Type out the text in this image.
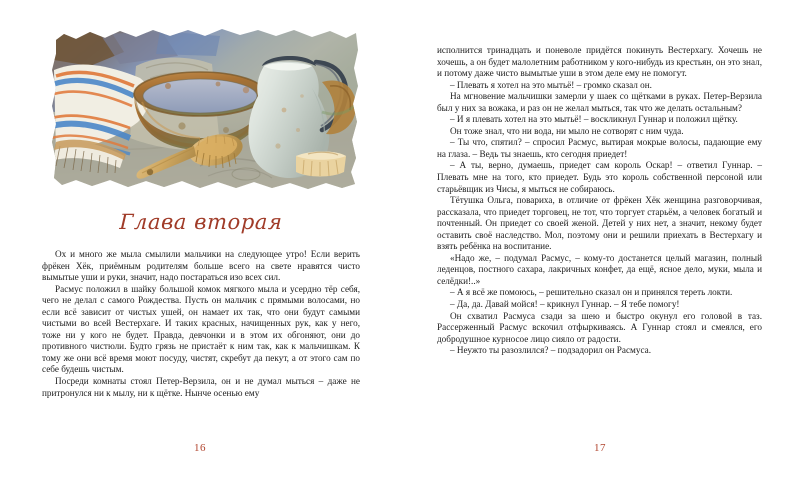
Глава вторая

Ох и много же мыла смылили мальчики на следующее утро! Если верить фрёкен Хёк, приёмным родителям больше всего на свете нравятся чисто вымытые уши и руки, значит, надо постараться изо всех сил.

Расмус положил в шайку большой комок мягкого мыла и усердно тёр себя, чего не делал с самого Рождества. Пусть он мальчик с прямыми волосами, но если всё зависит от чистых ушей, он намает их так, что они будут самыми чистыми во всей Вестерхаге. И таких красных, начищенных рук, как у него, тоже ни у кого не будет. Правда, девчонки и в этом их обгоняют, они до противного чистюли. Будто грязь не пристаёт к ним так, как к мальчишкам. К тому же они всё время моют посуду, чистят, скребут да пекут, а от этого сам по себе будешь чистым.

Посреди комнаты стоял Петер-Верзила, он и не думал мыться – даже не притронулся ни к мылу, ни к щётке. Нынче осенью ему

16

исполнится тринадцать и поневоле придётся покинуть Вестерхагу. Хочешь не хочешь, а он будет малолетним работником у кого-нибудь из крестьян, он это знал, и потому даже чисто вымытые уши в этом деле ему не помогут.

– Плевать я хотел на это мытьё! – громко сказал он.

На мгновение мальчишки замерли у шаек со щётками в руках. Петер-Верзила был у них за вожака, и раз он не желал мыться, так что же делать остальным?

– И я плевать хотел на это мытьё! – воскликнул Гуннар и положил щётку.

Он тоже знал, что ни вода, ни мыло не сотворят с ним чуда.

– Ты что, спятил? – спросил Расмус, вытирая мокрые волосы, падающие ему на глаза. – Ведь ты знаешь, кто сегодня приедет!

– А ты, верно, думаешь, приедет сам король Оскар! – ответил Гуннар. – Плевать мне на того, кто приедет. Будь это король собственной персоной или старьёвщик из Чисы, я мыться не собираюсь.

Тётушка Ольга, повариха, в отличие от фрёкен Хёк женщина разговорчивая, рассказала, что приедет торговец, не тот, что торгует старьём, а человек богатый и почтенный. Он приедет со своей женой. Детей у них нет, а значит, некому будет оставить своё наследство. Мол, поэтому они и решили приехать в Вестерхагу и взять ребёнка на воспитание.

«Надо же, – подумал Расмус, – кому-то достанется целый магазин, полный леденцов, постного сахара, лакричных конфет, да ещё, ясное дело, муки, мыла и селёдки!..»

– А я всё же помоюсь, – решительно сказал он и принялся тереть локти.

– Да, да. Давай мойся! – крикнул Гуннар. – Я тебе помогу!

Он схватил Расмуса сзади за шею и быстро окунул его головой в таз. Рассерженный Расмус вскочил отфыркиваясь. А Гуннар стоял и смеялся, его добродушное курносое лицо сияло от радости.

– Неужто ты разозлился? – подзадорил он Расмуса.

17
